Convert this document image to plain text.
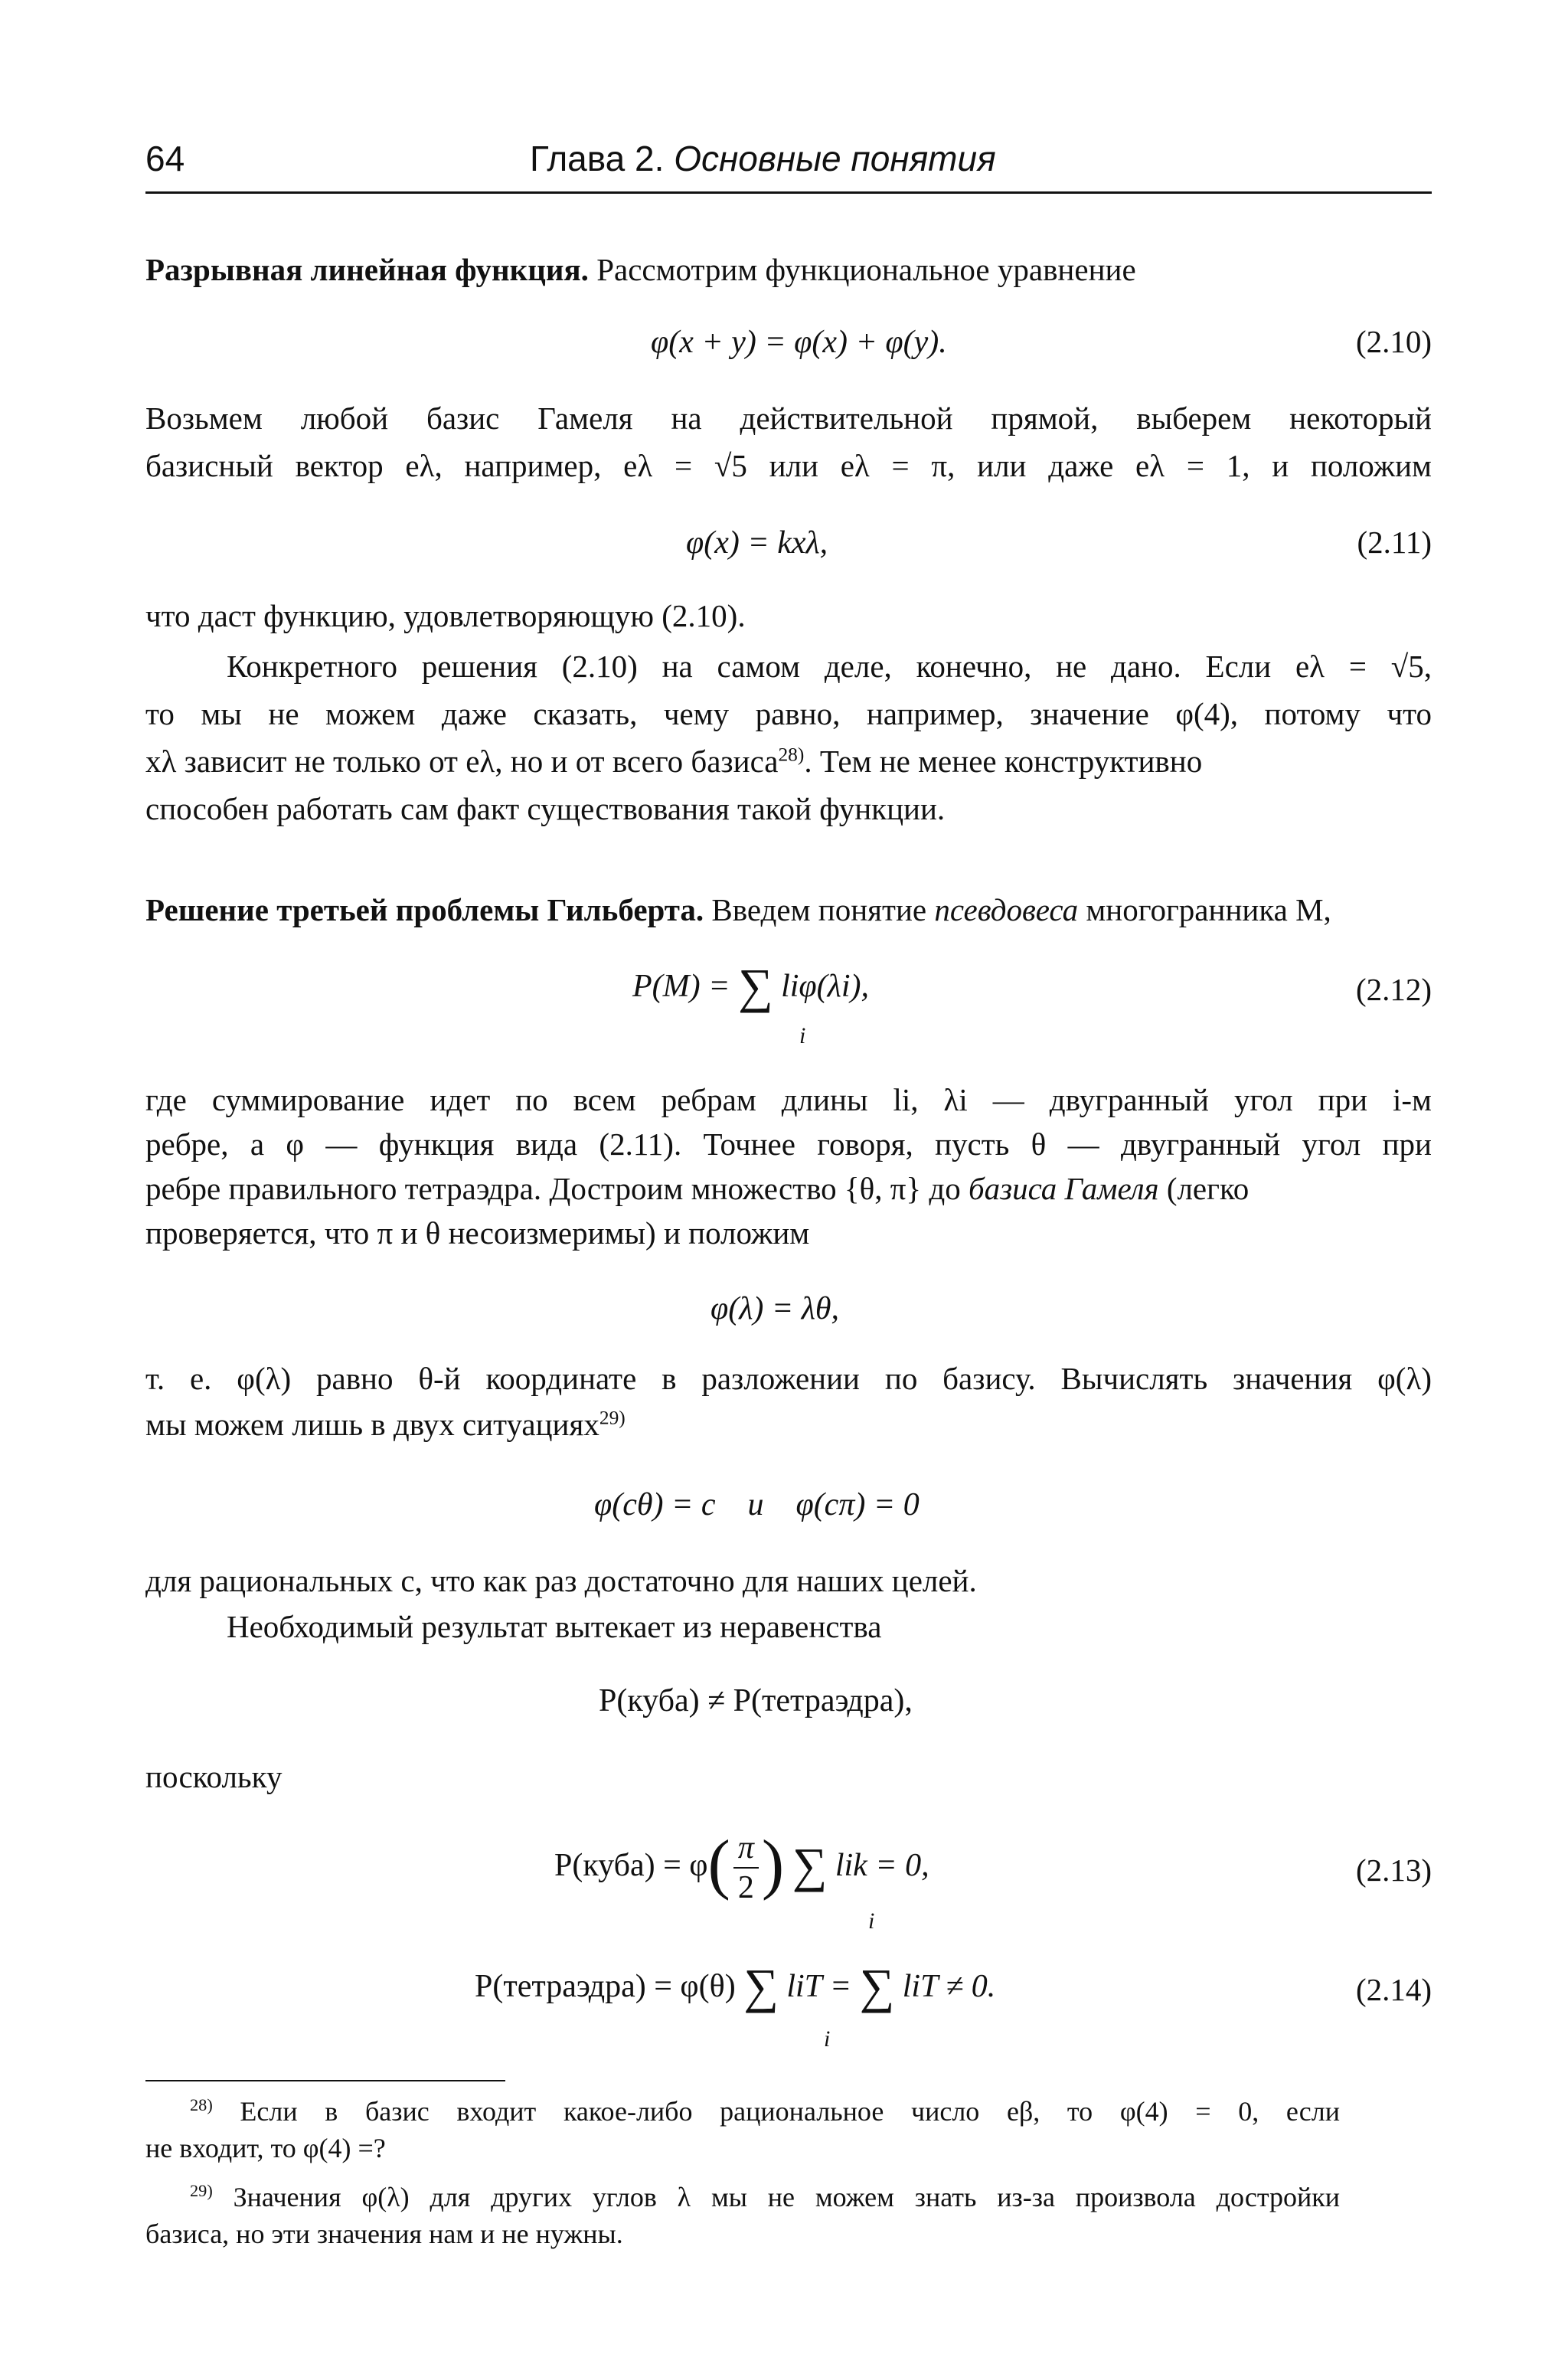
64	Глава 2. Основные понятия
Разрывная линейная функция. Рассмотрим функциональное уравнение
φ(x + y) = φ(x) + φ(y).	(2.10)
Возьмем любой базис Гамеля на действительной прямой, выберем некоторый
базисный вектор eλ, например, eλ = √5 или eλ = π, или даже eλ = 1, и положим
φ(x) = kxλ,	(2.11)
что даст функцию, удовлетворяющую (2.10).
Конкретного решения (2.10) на самом деле, конечно, не дано. Если eλ = √5,
то мы не можем даже сказать, чему равно, например, значение φ(4), потому что
xλ зависит не только от eλ, но и от всего базиса$^{28)}$. Тем не менее конструктивно
способен работать сам факт существования такой функции.
Решение третьей проблемы Гильберта. Введем понятие псевдовеса многогранника M,
P(M) = ∑ liφ(λi),
i
(2.12)
где суммирование идет по всем ребрам длины li, λi — двугранный угол при i-м
ребре, а φ — функция вида (2.11). Точнее говоря, пусть θ — двугранный угол при
ребре правильного тетраэдра. Достроим множество {θ, π} до базиса Гамеля (легко
проверяется, что π и θ несоизмеримы) и положим
φ(λ) = λθ,
т. е. φ(λ) равно θ-й координате в разложении по базису. Вычислять значения φ(λ)
мы можем лишь в двух ситуациях$^{29)}$
φ(cθ) = c    и    φ(cπ) = 0
для рациональных c, что как раз достаточно для наших целей.
Необходимый результат вытекает из неравенства
P(куба) ≠ P(тетраэдра),
поскольку
P(куба) = $\varphi( \frac{\pi}{2}$ ) ∑ lik = 0,
i
(2.13)
P(тетраэдра) = φ(θ) ∑ liT = ∑ liT ≠ 0.
i
(2.14)
$^{28)}$ Если в базис входит какое-либо рациональное число eβ, то φ(4) = 0, если
не входит, то φ(4) =?
$^{29)}$ Значения φ(λ) для других углов λ мы не можем знать из-за произвола достройки
базиса, но эти значения нам и не нужны.
